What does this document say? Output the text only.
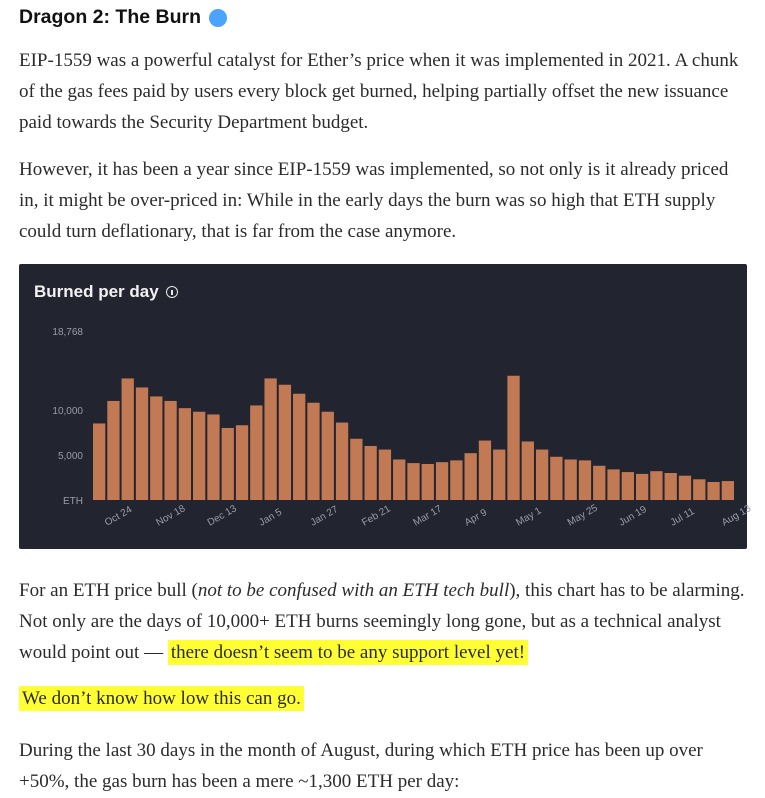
Dragon 2: The Burn

EIP-1559 was a powerful catalyst for Ether’s price when it was implemented in 2021. A chunk of the gas fees paid by users every block get burned, helping partially offset the new issuance paid towards the Security Department budget.

However, it has been a year since EIP-1559 was implemented, so not only is it already priced in, it might be over-priced in: While in the early days the burn was so high that ETH supply could turn deflationary, that is far from the case anymore.

Burned per day
ETH
5,000
10,000
18,768
Oct 24 Nov 18 Dec 13 Jan 5 Jan 27 Feb 21 Mar 17 Apr 9	May 1 May 25 Jun 19 Jul 11 Aug 13

For an ETH price bull (not to be confused with an ETH tech bull), this chart has to be alarming. Not only are the days of 10,000+ ETH burns seemingly long gone, but as a technical analyst would point out — there doesn’t seem to be any support level yet!

We don’t know how low this can go.

During the last 30 days in the month of August, during which ETH price has been up over +50%, the gas burn has been a mere ~1,300 ETH per day:
